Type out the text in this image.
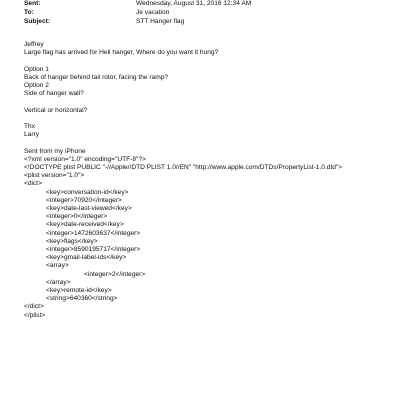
Sent:	Wednesday, August 31, 2016 12:34 AM
To:	Je vacation
Subject:	STT Hanger flag
Jeffrey
Large flag has arrived for Heli hanger, Where do you want it hung?
Option 1
Back of hanger behind tail rotor, facing the ramp?
Option 2
Side of hanger wall?
Vertical or horizontal?
Thx
Larry
Sent from my iPhone
<?xml version="1.0" encoding="UTF-8"?>
<!DOCTYPE plist PUBLIC "-//Apple//DTD PLIST 1.0//EN" "http://www.apple.com/DTDs/PropertyList-1.0.dtd">
<plist version="1.0">
<dict>
<key>conversation-id</key>
<integer>70920</integer>
<key>date-last-viewed</key>
<integer>0</integer>
<key>date-received</key>
<integer>1472603637</integer>
<key>flags</key>
<integer>8590195717</integer>
<key>gmail-label-ids</key>
<array>
<integer>2</integer>
</array>
<key>remote-id</key>
<string>640360</string>
</dict>
</plist>
